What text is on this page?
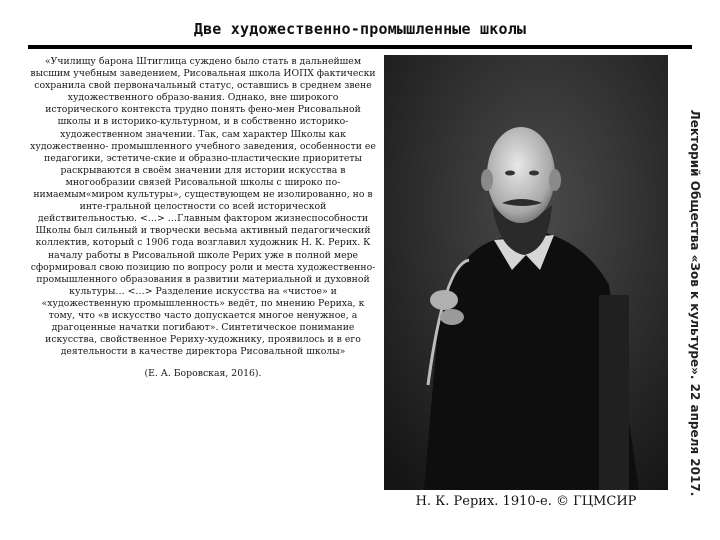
Две художественно-промышленные школы
«Училищу барона Штиглица суждено было стать в дальнейшем высшим учебным заведением, Рисовальная школа ИОПХ фактически сохранила свой первоначальный статус, оставшись в среднем звене художественного образо-вания. Однако, вне широкого исторического контекста трудно понять фено-мен Рисовальной школы и в историко-культурном, и в собственно историко-художественном значении. Так, сам характер Школы как художественно- промышленного учебного заведения, особенности ее педагогики, эстетиче-ские и образно-пластические приоритеты раскрываются в своём значении для истории искусства в многообразии связей Рисовальной школы с широко по-нимаемым«миром культуры», существующем не изолированно, но в инте-гральной целостности со всей исторической действительностью. <…> …Главным фактором жизнеспособности Школы был сильный и творчески весьма активный педагогический коллектив, который с 1906 года возглавил художник Н. К. Рерих. К началу работы в Рисовальной школе Рерих уже в полной мере сформировал свою позицию по вопросу роли и места художественно-промышленного образования в развитии материальной и духовной культуры… <…> Разделение искусства на «чистое» и «художественную промышленность» ведёт, по мнению Рериха, к тому, что «в искусство часто допускается многое ненужное, а драгоценные начатки погибают». Синтетическое понимание искусства, свойственное Рериху-художнику, проявилось и в его деятельности в качестве директора Рисовальной школы»
(Е. А. Боровская, 2016).
Н. К. Рерих. 1910-е. © ГЦМСИР
Лекторий Общества «Зов к культуре». 22 апреля 2017.
